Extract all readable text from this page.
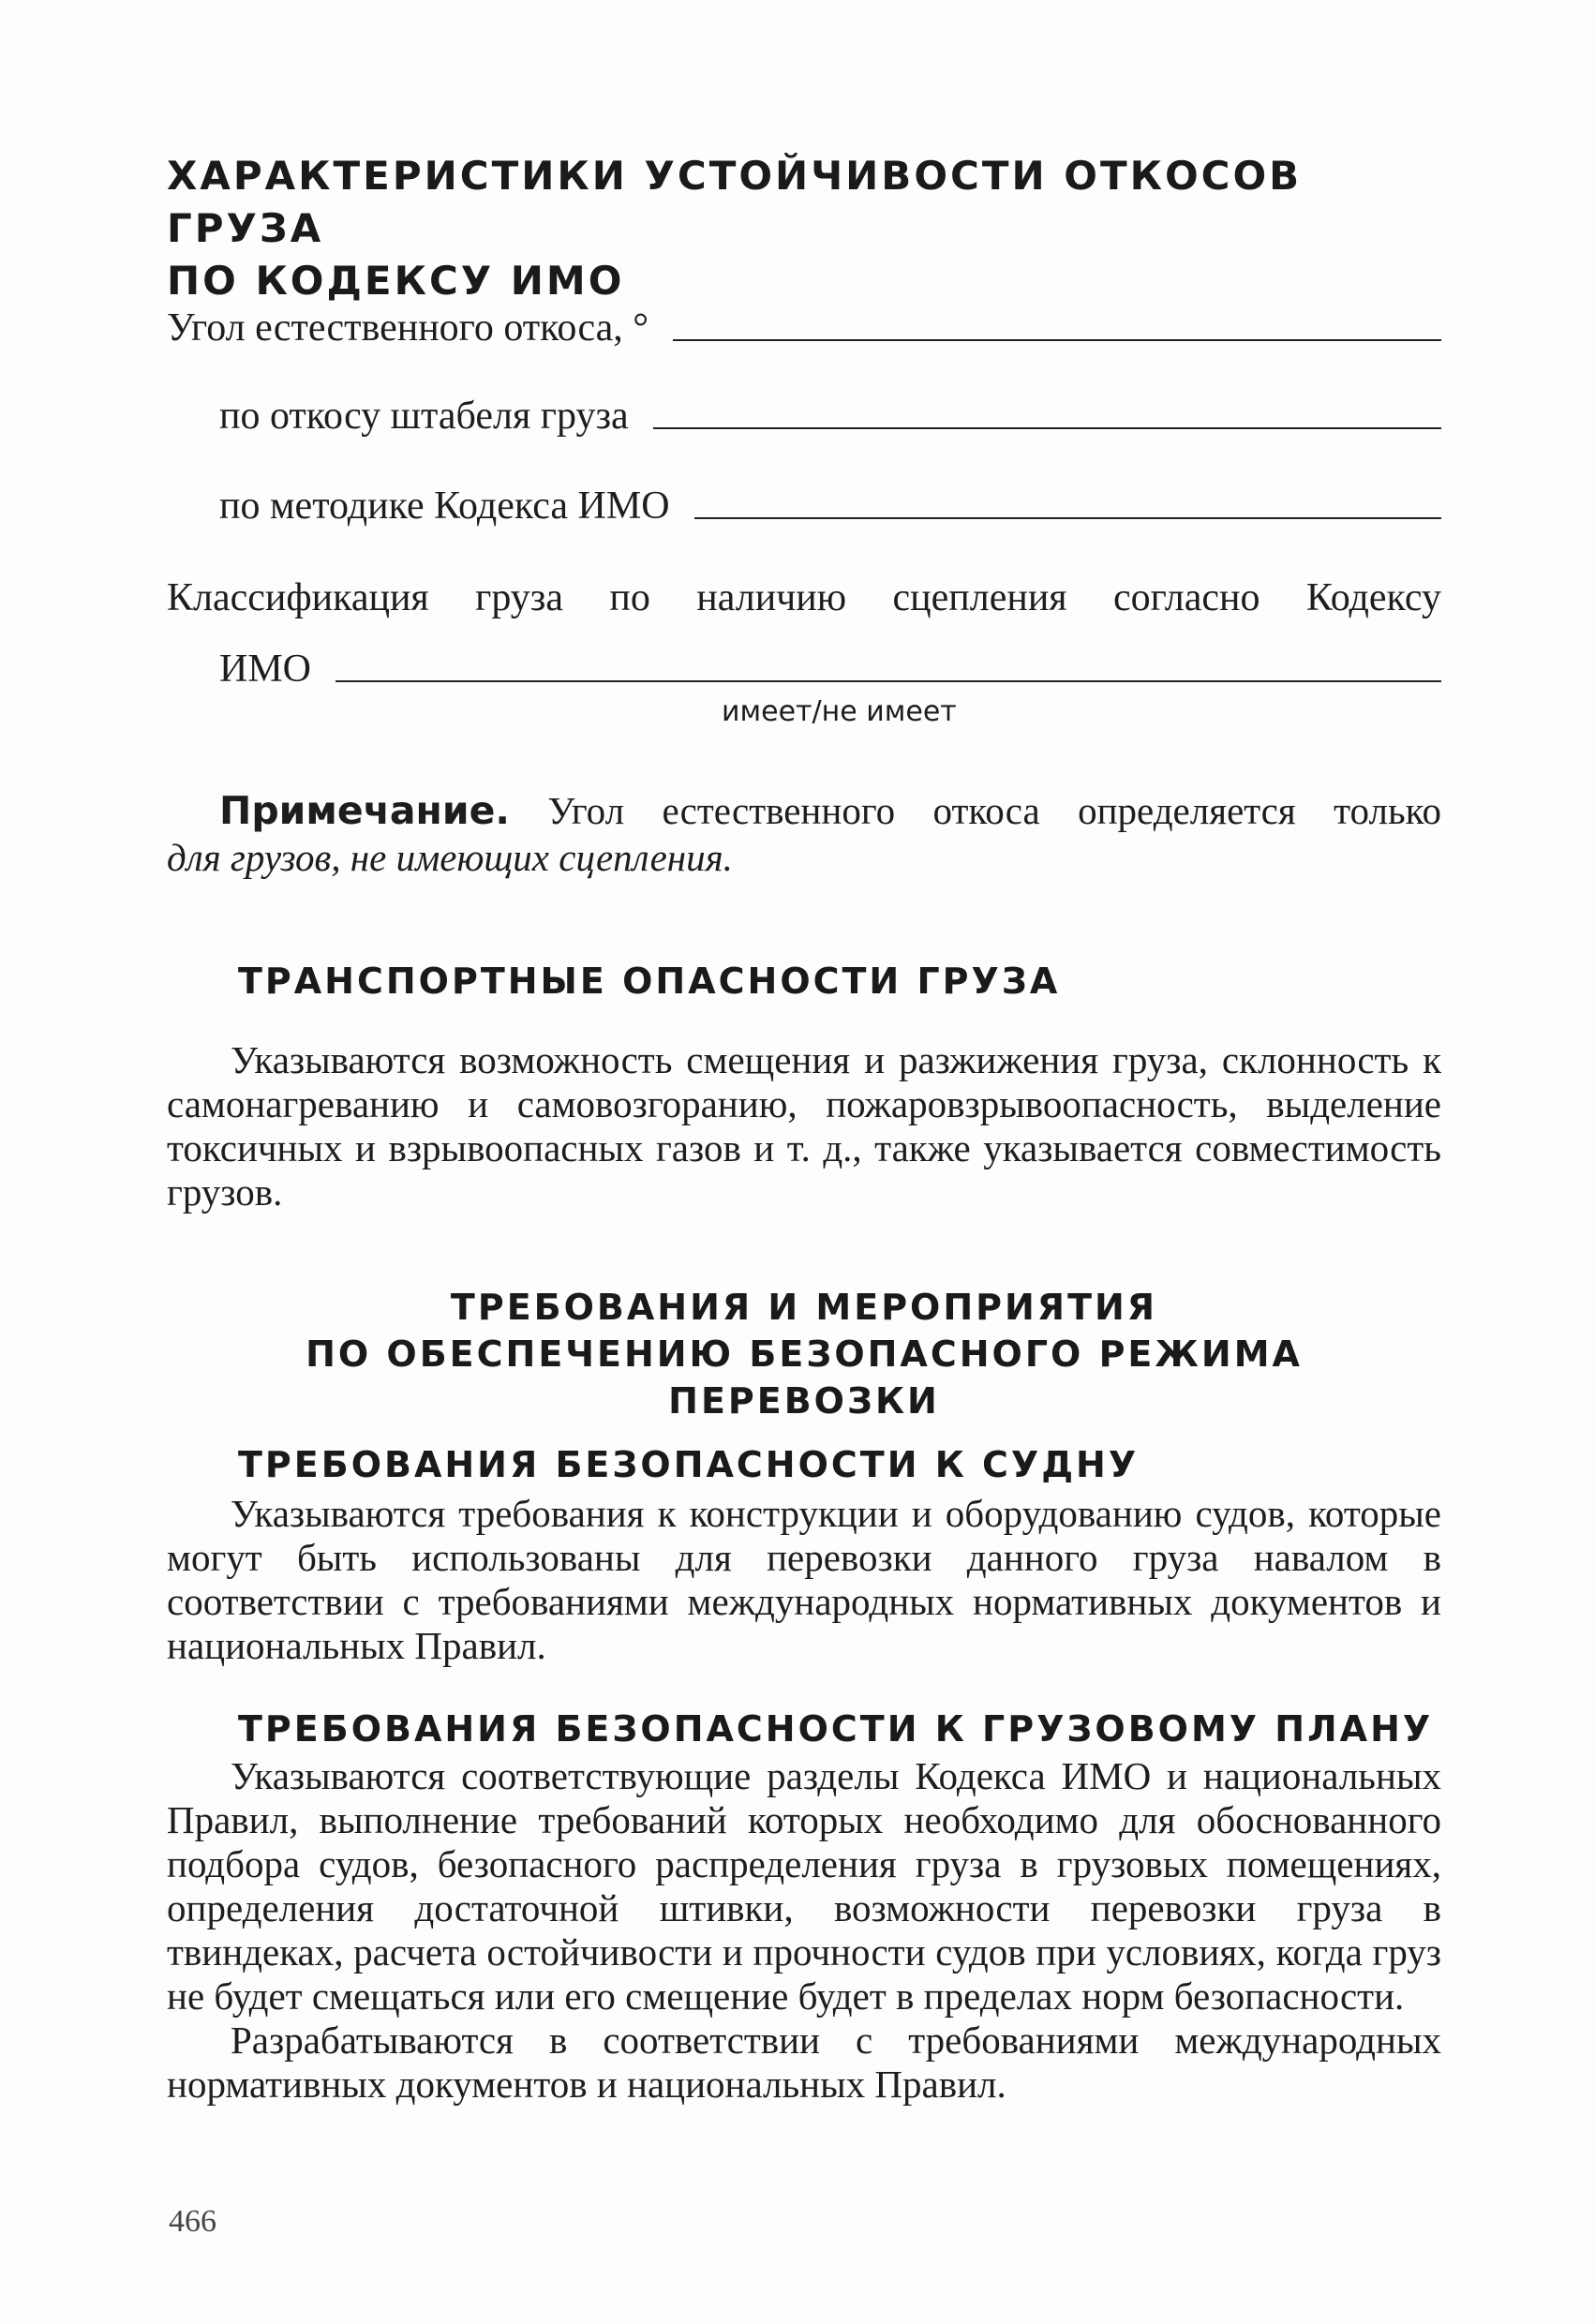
ХАРАКТЕРИСТИКИ УСТОЙЧИВОСТИ ОТКОСОВ ГРУЗА
ПО КОДЕКСУ ИМО
Угол естественного откоса, °
по откосу штабеля груза
по методике Кодекса ИМО
Классификация груза по наличию сцепления согласно Кодексу
ИМО
имеет/не имеет
Примечание. Угол естественного откоса определяется только
для грузов, не имеющих сцепления.
ТРАНСПОРТНЫЕ ОПАСНОСТИ ГРУЗА

Указываются возможность смещения и разжижения груза, склонность к самонагреванию и самовозгоранию, пожаровзрывоопасность, выделение токсичных и взрывоопасных газов и т. д., также указывается совместимость грузов.

ТРЕБОВАНИЯ И МЕРОПРИЯТИЯ
ПО ОБЕСПЕЧЕНИЮ БЕЗОПАСНОГО РЕЖИМА ПЕРЕВОЗКИ
ТРЕБОВАНИЯ БЕЗОПАСНОСТИ К СУДНУ

Указываются требования к конструкции и оборудованию судов, которые могут быть использованы для перевозки данного груза навалом в соответствии с требованиями международных нормативных документов и национальных Правил.

ТРЕБОВАНИЯ БЕЗОПАСНОСТИ К ГРУЗОВОМУ ПЛАНУ

Указываются соответствующие разделы Кодекса ИМО и национальных Правил, выполнение требований которых необходимо для обоснованного подбора судов, безопасного распределения груза в грузовых помещениях, определения достаточной штивки, возможности перевозки груза в твиндеках, расчета остойчивости и прочности судов при условиях, когда груз не будет смещаться или его смещение будет в пределах норм безопасности.

Разрабатываются в соответствии с требованиями международных нормативных документов и национальных Правил.

466
